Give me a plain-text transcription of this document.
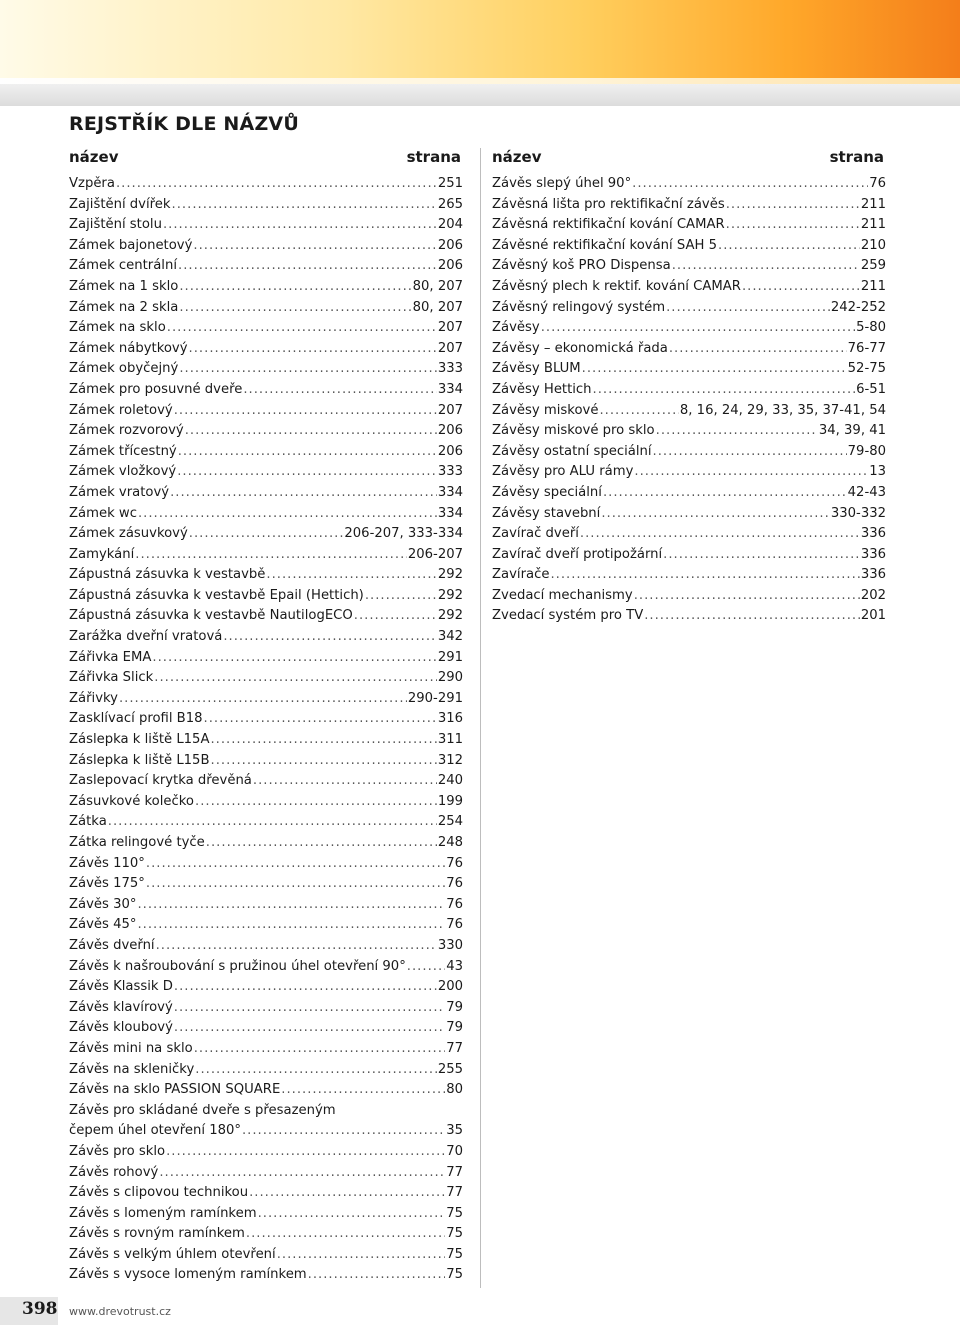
REJSTŘÍK DLE NÁZVŮ
název	strana název	strana
Vzpěra .....	251
Zajištění dvířek .....	265
Zajištění stolu .....	204
Zámek bajonetový .....	206
Zámek centrální .....	206
Zámek na 1 sklo .....	80, 207
Zámek na 2 skla .....	80, 207
Zámek na sklo .....	207
Zámek nábytkový .....	207
Zámek obyčejný .....	333
Zámek pro posuvné dveře .....	334
Zámek roletový .....	207
Zámek rozvorový .....	206
Zámek třícestný .....	206
Zámek vložkový .....	333
Zámek vratový .....	334
Zámek wc .....	334
Zámek zásuvkový .....	206-207, 333-334
Zamykání .....	206-207
Zápustná zásuvka k vestavbě .....	292
Zápustná zásuvka k vestavbě Epail (Hettich) .....	292
Zápustná zásuvka k vestavbě NautilogECO .....	292
Zarážka dveřní vratová .....	342
Zářivka EMA .....	291
Zářivka Slick .....	290
Zářivky .....	290-291
Zasklívací profil B18 .....	316
Záslepka k liště L15A .....	311
Záslepka k liště L15B .....	312
Zaslepovací krytka dřevěná .....	240
Zásuvkové kolečko .....	199
Zátka .....	254
Zátka relingové tyče .....	248
Závěs 110° .....	76
Závěs 175° .....	76
Závěs 30° .....	76
Závěs 45° .....	76
Závěs dveřní .....	330
Závěs k našroubování s pružinou úhel otevření 90° .....	43
Závěs Klassik D .....	200
Závěs klavírový .....	79
Závěs kloubový .....	79
Závěs mini na sklo .....	77
Závěs na skleničky .....	255
Závěs na sklo PASSION SQUARE .....	80
Závěs pro skládané dveře s přesazeným
čepem úhel otevření 180° .....	35
Závěs pro sklo .....	70
Závěs rohový .....	77
Závěs s clipovou technikou .....	77
Závěs s lomeným ramínkem .....	75
Závěs s rovným ramínkem .....	75
Závěs s velkým úhlem otevření .....	75
Závěs s vysoce lomeným ramínkem .....	75
Závěs slepý úhel 90° .....	76
Závěsná lišta pro rektifikační závěs .....	211
Závěsná rektifikační kování CAMAR .....	211
Závěsné rektifikační kování SAH 5 .....	210
Závěsný koš PRO Dispensa .....	259
Závěsný plech k rektif. kování CAMAR .....	211
Závěsný relingový systém .....	242-252
Závěsy .....	5-80
Závěsy – ekonomická řada .....	76-77
Závěsy BLUM .....	52-75
Závěsy Hettich .....	6-51
Závěsy miskové .....	8, 16, 24, 29, 33, 35, 37-41, 54
Závěsy miskové pro sklo .....	34, 39, 41
Závěsy ostatní speciální .....	79-80
Závěsy pro ALU rámy .....	13
Závěsy speciální .....	42-43
Závěsy stavební .....	330-332
Zavírač dveří .....	336
Zavírač dveří protipožární .....	336
Zavírače .....	336
Zvedací mechanismy .....	202
Zvedací systém pro TV .....	201
398 www.drevotrust.cz
